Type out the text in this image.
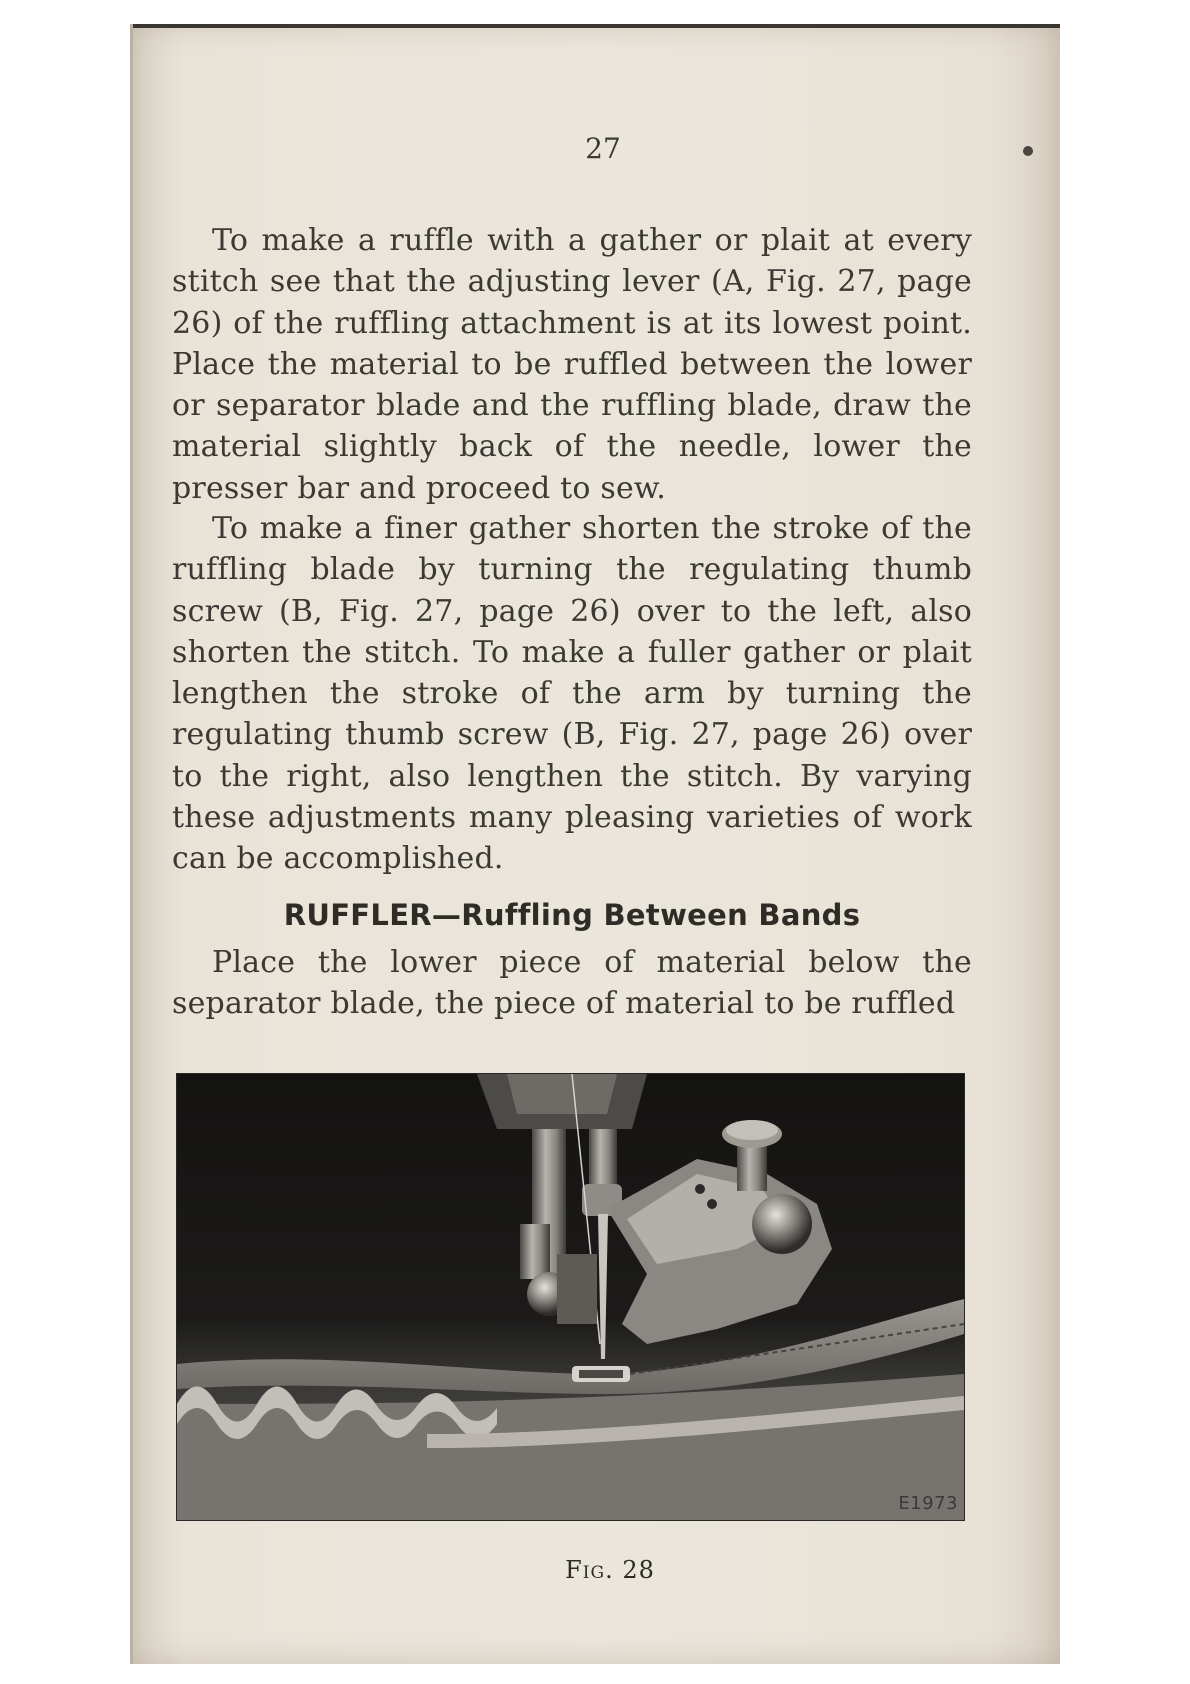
27

To make a ruffle with a gather or plait at every stitch see that the adjusting lever (A, Fig. 27, page 26) of the ruffling attachment is at its lowest point. Place the material to be ruffled between the lower or separator blade and the ruffling blade, draw the material slightly back of the needle, lower the presser bar and proceed to sew.

To make a finer gather shorten the stroke of the ruffling blade by turning the regulating thumb screw (B, Fig. 27, page 26) over to the left, also shorten the stitch. To make a fuller gather or plait lengthen the stroke of the arm by turning the regulating thumb screw (B, Fig. 27, page 26) over to the right, also lengthen the stitch. By varying these adjustments many pleasing varieties of work can be accomplished.

RUFFLER—Ruffling Between Bands

Place the lower piece of material below the separator blade, the piece of material to be ruffled

E1973
Fig. 28
